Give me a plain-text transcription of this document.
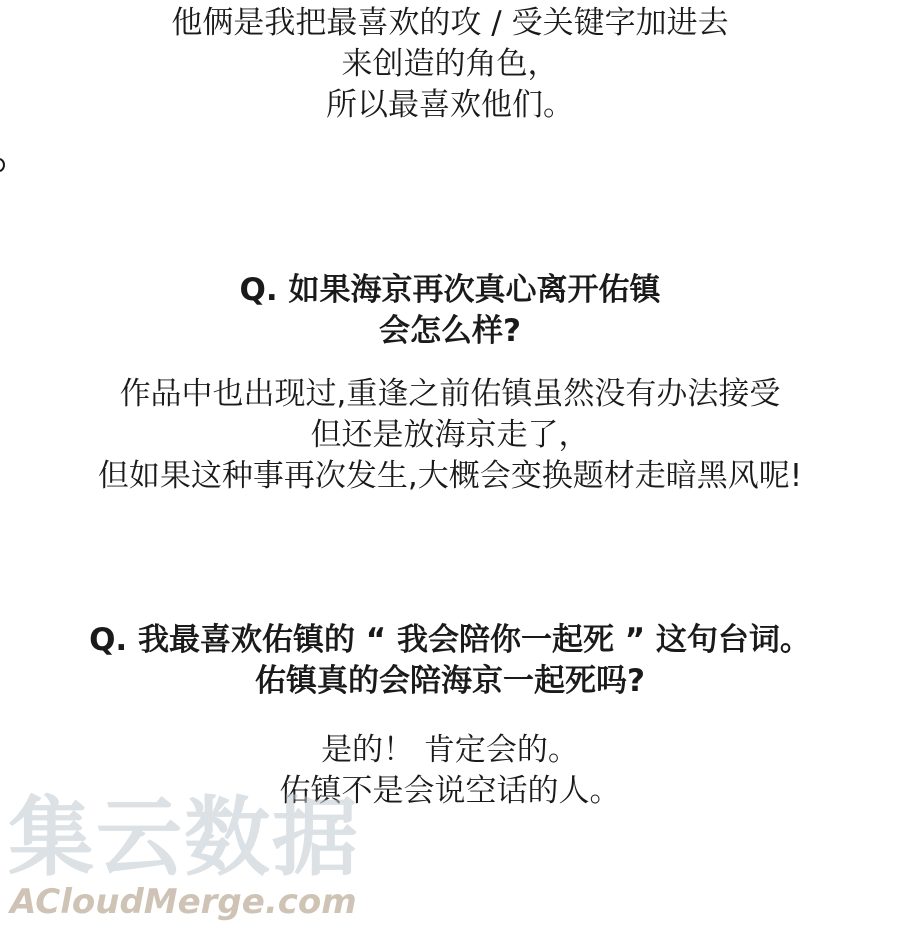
他俩是我把最喜欢的攻 / 受关键字加进去
来创造的角色，
所以最喜欢他们。
Q. 如果海京再次真心离开佑镇
会怎么样?
作品中也出现过,重逢之前佑镇虽然没有办法接受
但还是放海京走了，
但如果这种事再次发生,大概会变换题材走暗黑风呢!
Q. 我最喜欢佑镇的 “ 我会陪你一起死 ” 这句台词。
佑镇真的会陪海京一起死吗?
是的！ 肯定会的。
佑镇不是会说空话的人。
集云数据
ACloudMerge.com
